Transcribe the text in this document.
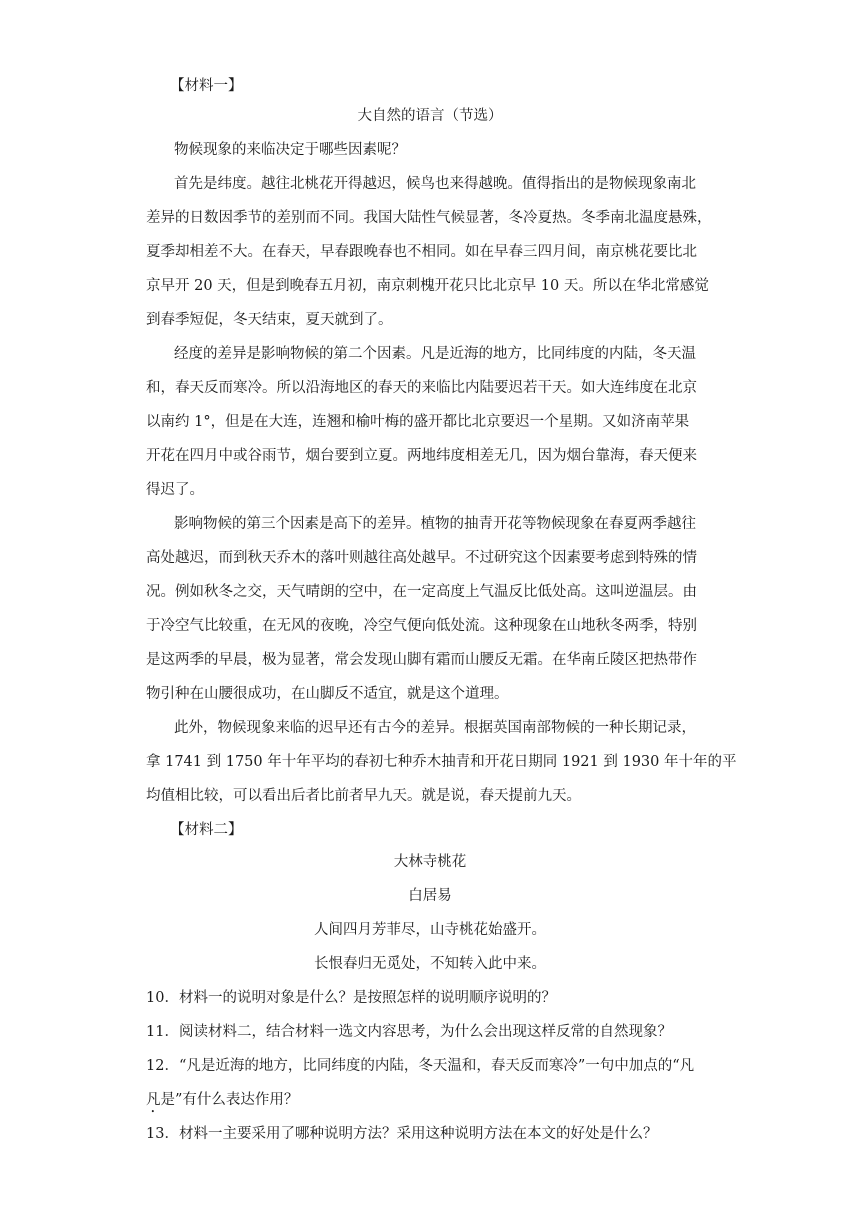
【材料一】
大自然的语言（节选）
物候现象的来临决定于哪些因素呢？
首先是纬度。越往北桃花开得越迟，候鸟也来得越晚。值得指出的是物候现象南北
差异的日数因季节的差别而不同。我国大陆性气候显著，冬冷夏热。冬季南北温度悬殊，
夏季却相差不大。在春天，早春跟晚春也不相同。如在早春三四月间，南京桃花要比北
京早开 20 天，但是到晚春五月初，南京刺槐开花只比北京早 10 天。所以在华北常感觉
到春季短促，冬天结束，夏天就到了。
经度的差异是影响物候的第二个因素。凡是近海的地方，比同纬度的内陆，冬天温
和，春天反而寒冷。所以沿海地区的春天的来临比内陆要迟若干天。如大连纬度在北京
以南约 1°，但是在大连，连翘和榆叶梅的盛开都比北京要迟一个星期。又如济南苹果
开花在四月中或谷雨节，烟台要到立夏。两地纬度相差无几，因为烟台靠海，春天便来
得迟了。
影响物候的第三个因素是高下的差异。植物的抽青开花等物候现象在春夏两季越往
高处越迟，而到秋天乔木的落叶则越往高处越早。不过研究这个因素要考虑到特殊的情
况。例如秋冬之交，天气晴朗的空中，在一定高度上气温反比低处高。这叫逆温层。由
于冷空气比较重，在无风的夜晚，冷空气便向低处流。这种现象在山地秋冬两季，特别
是这两季的早晨，极为显著，常会发现山脚有霜而山腰反无霜。在华南丘陵区把热带作
物引种在山腰很成功，在山脚反不适宜，就是这个道理。
此外，物候现象来临的迟早还有古今的差异。根据英国南部物候的一种长期记录，
拿 1741 到 1750 年十年平均的春初七种乔木抽青和开花日期同 1921 到 1930 年十年的平
均值相比较，可以看出后者比前者早九天。就是说，春天提前九天。
【材料二】
大林寺桃花
白居易
人间四月芳菲尽，山寺桃花始盛开。
长恨春归无觅处，不知转入此中来。
10．材料一的说明对象是什么？是按照怎样的说明顺序说明的？
11．阅读材料二，结合材料一选文内容思考，为什么会出现这样反常的自然现象？
12．“凡是近海的地方，比同纬度的内陆，冬天温和，春天反而寒冷”一句中加点的“凡
凡是”有什么表达作用？
13．材料一主要采用了哪种说明方法？采用这种说明方法在本文的好处是什么？
